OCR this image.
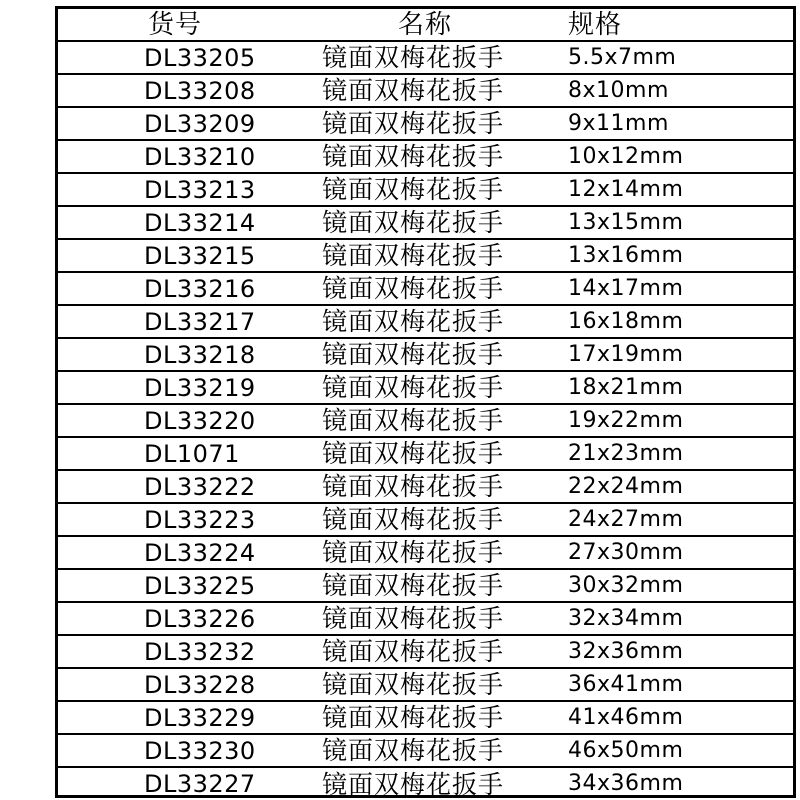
货号	名称	规格
DL33205	镜面双梅花扳手	5.5x7mm
DL33208	镜面双梅花扳手	8x10mm
DL33209	镜面双梅花扳手	9x11mm
DL33210	镜面双梅花扳手	10x12mm
DL33213	镜面双梅花扳手	12x14mm
DL33214	镜面双梅花扳手	13x15mm
DL33215	镜面双梅花扳手	13x16mm
DL33216	镜面双梅花扳手	14x17mm
DL33217	镜面双梅花扳手	16x18mm
DL33218	镜面双梅花扳手	17x19mm
DL33219	镜面双梅花扳手	18x21mm
DL33220	镜面双梅花扳手	19x22mm
DL1071	镜面双梅花扳手	21x23mm
DL33222	镜面双梅花扳手	22x24mm
DL33223	镜面双梅花扳手	24x27mm
DL33224	镜面双梅花扳手	27x30mm
DL33225	镜面双梅花扳手	30x32mm
DL33226	镜面双梅花扳手	32x34mm
DL33232	镜面双梅花扳手	32x36mm
DL33228	镜面双梅花扳手	36x41mm
DL33229	镜面双梅花扳手	41x46mm
DL33230	镜面双梅花扳手	46x50mm
DL33227	镜面双梅花扳手	34x36mm
